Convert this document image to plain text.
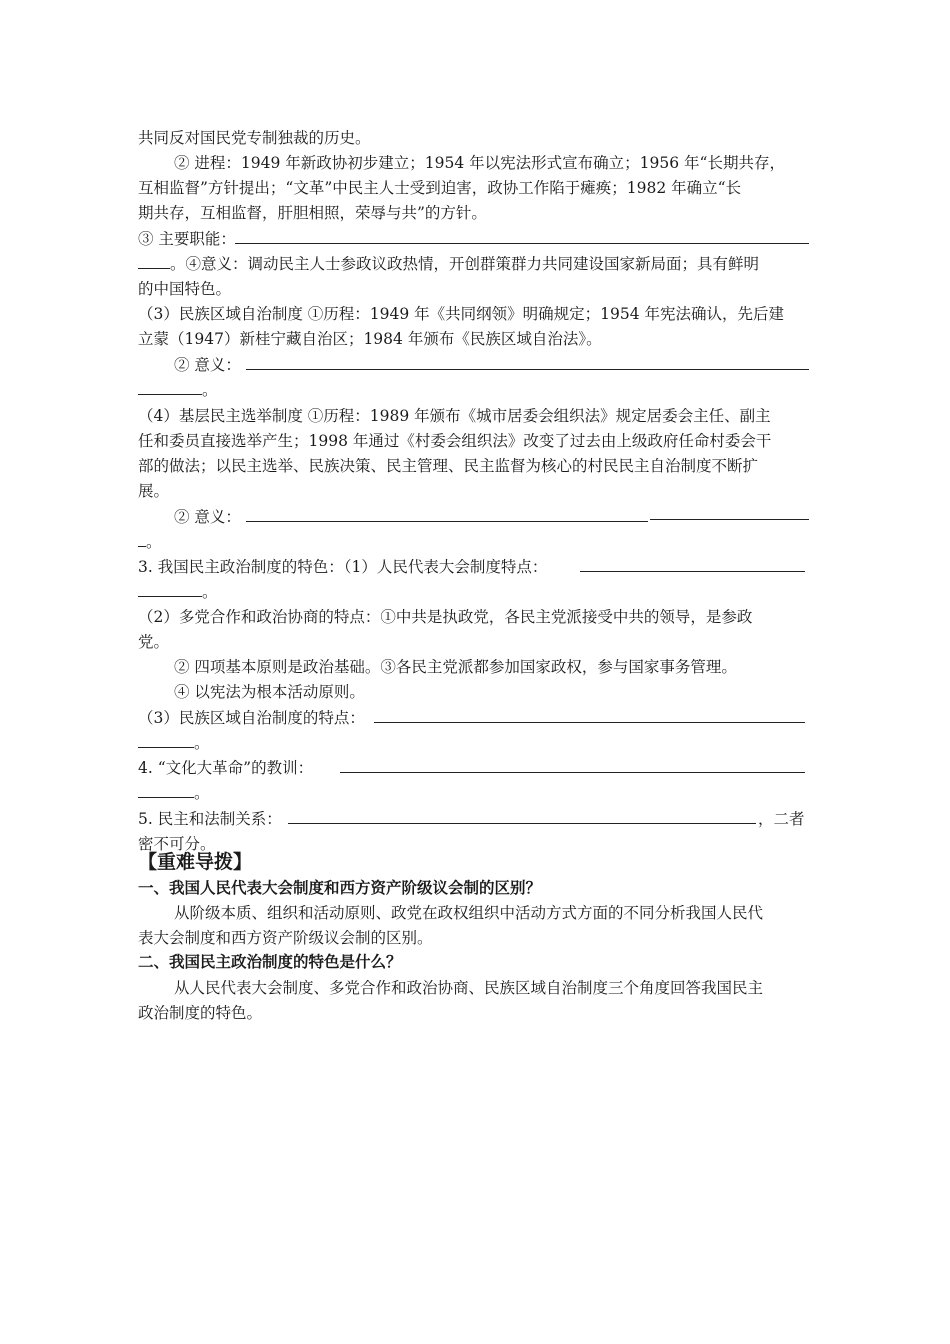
共同反对国民党专制独裁的历史。
② 进程：1949 年新政协初步建立；1954 年以宪法形式宣布确立；1956 年“长期共存，
互相监督”方针提出；“文革”中民主人士受到迫害，政协工作陷于瘫痪；1982 年确立“长
期共存，互相监督，肝胆相照，荣辱与共”的方针。
③ 主要职能：
。④意义：调动民主人士参政议政热情，开创群策群力共同建设国家新局面；具有鲜明
的中国特色。
（3）民族区域自治制度 ①历程：1949 年《共同纲领》明确规定；1954 年宪法确认，先后建
立蒙（1947）新桂宁藏自治区；1984 年颁布《民族区域自治法》。
② 意义：
。
（4）基层民主选举制度 ①历程：1989 年颁布《城市居委会组织法》规定居委会主任、副主
任和委员直接选举产生；1998 年通过《村委会组织法》改变了过去由上级政府任命村委会干
部的做法；以民主选举、民族决策、民主管理、民主监督为核心的村民民主自治制度不断扩
展。
② 意义：
。
3. 我国民主政治制度的特色：（1）人民代表大会制度特点：
。
（2）多党合作和政治协商的特点：①中共是执政党，各民主党派接受中共的领导，是参政
党。
② 四项基本原则是政治基础。③各民主党派都参加国家政权，参与国家事务管理。
④ 以宪法为根本活动原则。
（3）民族区域自治制度的特点：
。
4. “文化大革命”的教训：
。
5. 民主和法制关系：	，二者
密不可分。
【重难导拨】
一、我国人民代表大会制度和西方资产阶级议会制的区别？
从阶级本质、组织和活动原则、政党在政权组织中活动方式方面的不同分析我国人民代
表大会制度和西方资产阶级议会制的区别。
二、我国民主政治制度的特色是什么？
从人民代表大会制度、多党合作和政治协商、民族区域自治制度三个角度回答我国民主
政治制度的特色。
